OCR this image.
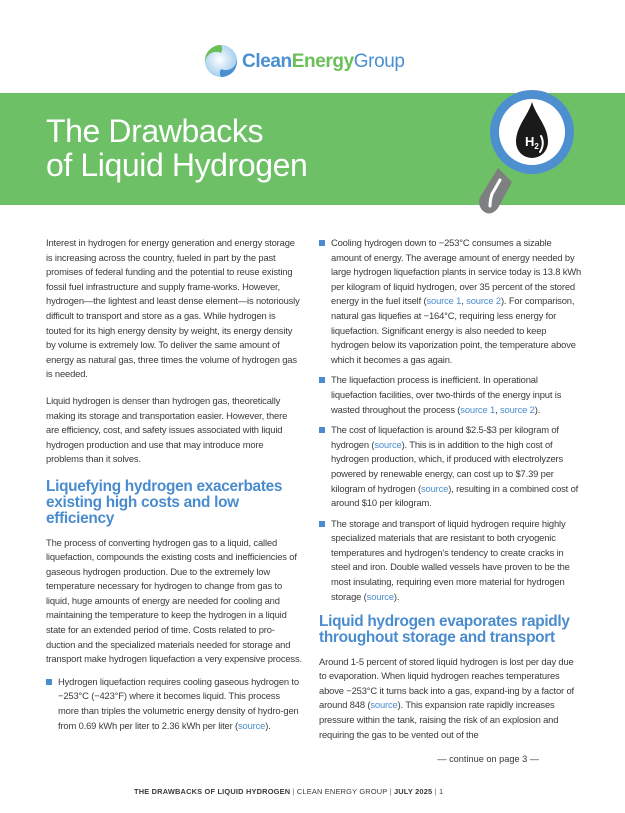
CleanEnergyGroup
The Drawbacks
of Liquid Hydrogen
$H_2$

Interest in hydrogen for energy generation and energy storage is increasing across the country, fueled in part by the past promises of federal funding and the potential to reuse existing fossil fuel infrastructure and supply frame-works. However, hydrogen—the lightest and least dense element—is notoriously difficult to transport and store as a gas. While hydrogen is touted for its high energy density by weight, its energy density by volume is extremely low. To deliver the same amount of energy as natural gas, three times the volume of hydrogen gas is needed.

Liquid hydrogen is denser than hydrogen gas, theoretically making its storage and transportation easier. However, there are efficiency, cost, and safety issues associated with liquid hydrogen production and use that may introduce more problems than it solves.

Liquefying hydrogen exacerbates existing high costs and low efficiency

The process of converting hydrogen gas to a liquid, called liquefaction, compounds the existing costs and inefficiencies of gaseous hydrogen production. Due to the extremely low temperature necessary for hydrogen to change from gas to liquid, huge amounts of energy are needed for cooling and maintaining the temperature to keep the hydrogen in a liquid state for an extended period of time. Costs related to pro-duction and the specialized materials needed for storage and transport make hydrogen liquefaction a very expensive process.

Hydrogen liquefaction requires cooling gaseous hydrogen to −253°C (−423°F) where it becomes liquid. This process more than triples the volumetric energy density of hydro-gen from 0.69 kWh per liter to 2.36 kWh per liter (source).
Cooling hydrogen down to −253°C consumes a sizable amount of energy. The average amount of energy needed by large hydrogen liquefaction plants in service today is 13.8 kWh per kilogram of liquid hydrogen, over 35 percent of the stored energy in the fuel itself (source 1, source 2). For comparison, natural gas liquefies at −164°C, requiring less energy for liquefaction. Significant energy is also needed to keep hydrogen below its vaporization point, the temperature above which it becomes a gas again.
The liquefaction process is inefficient. In operational liquefaction facilities, over two-thirds of the energy input is wasted throughout the process (source 1, source 2).
The cost of liquefaction is around $2.5-$3 per kilogram of hydrogen (source). This is in addition to the high cost of hydrogen production, which, if produced with electrolyzers powered by renewable energy, can cost up to $7.39 per kilogram of hydrogen (source), resulting in a combined cost of around $10 per kilogram.
The storage and transport of liquid hydrogen require highly specialized materials that are resistant to both cryogenic temperatures and hydrogen's tendency to create cracks in steel and iron. Double walled vessels have proven to be the most insulating, requiring even more material for hydrogen storage (source).
Liquid hydrogen evaporates rapidly throughout storage and transport

Around 1-5 percent of stored liquid hydrogen is lost per day due to evaporation. When liquid hydrogen reaches temperatures above −253°C it turns back into a gas, expand-ing by a factor of around 848 (source). This expansion rate rapidly increases pressure within the tank, raising the risk of an explosion and requiring the gas to be vented out of the

— continue on page 3 —
THE DRAWBACKS OF LIQUID HYDROGEN | CLEAN ENERGY GROUP | JULY 2025 | 1
